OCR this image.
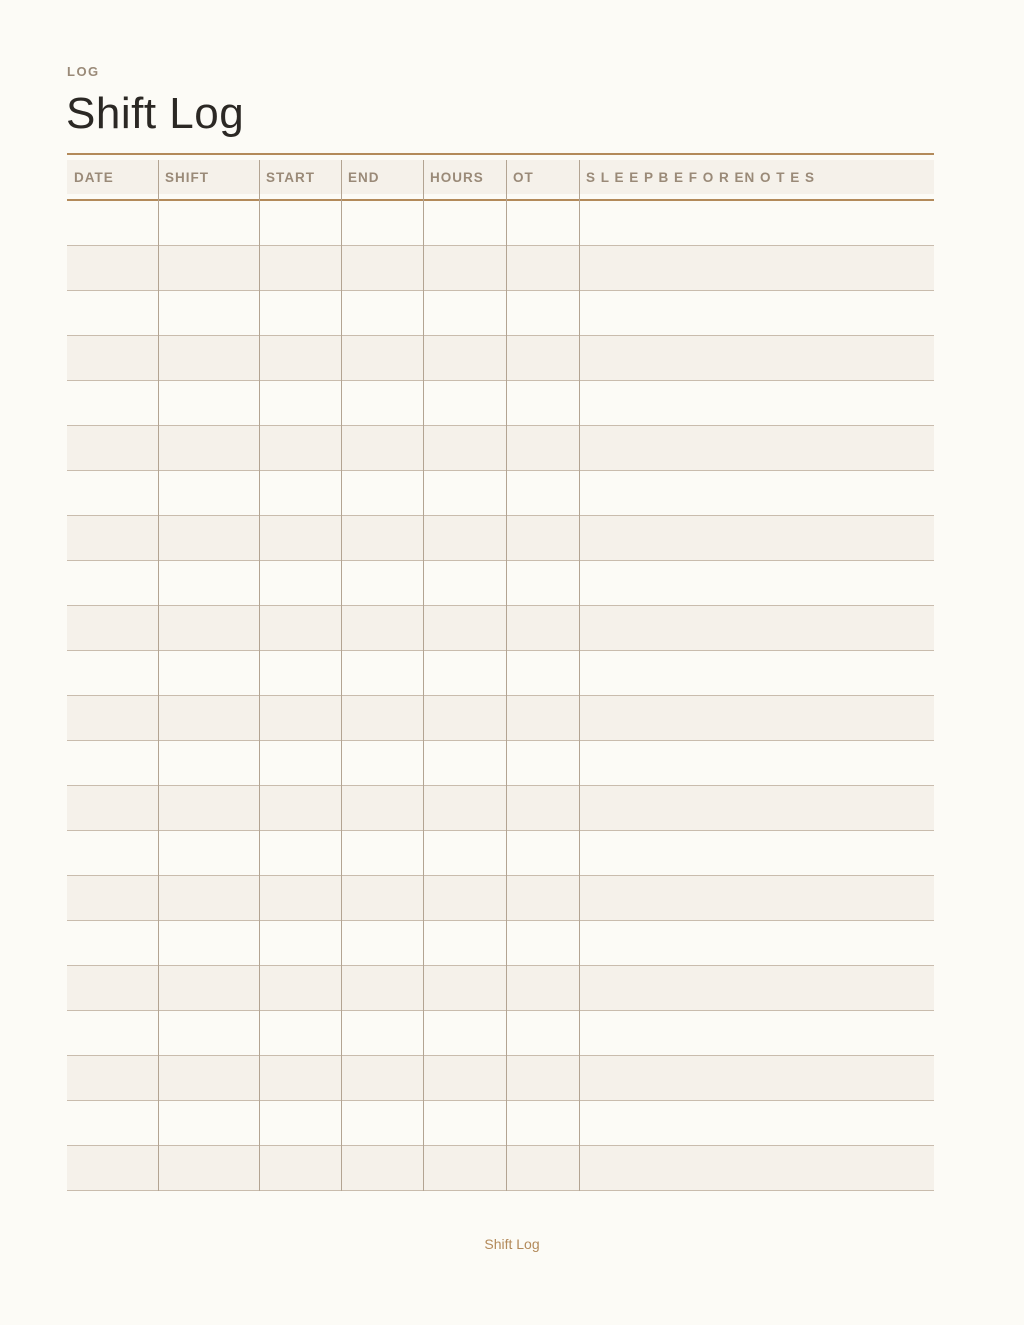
LOG
Shift Log
DATE	SHIFT	START	END	HOURS	OT	S L E E P B E F O R EN O T E S
Shift Log
